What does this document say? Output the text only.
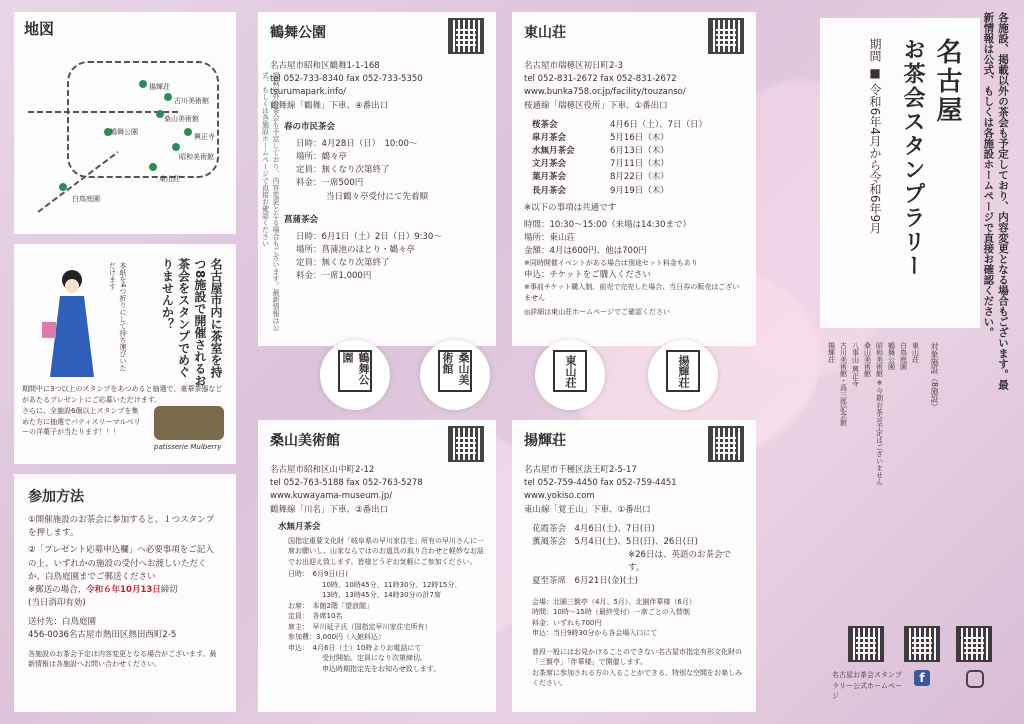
地図
揚輝荘
古川美術館
桑山美術館
興正寺
鶴舞公園
昭和美術館
東山荘
白鳥庭園
名古屋市内に茶室を持つ8施設で開催されるお茶会をスタンプでめぐりませんか？
本紙を4つ折りにして持ち運びいただけます
期間中に3つ以上のスタンプをあつめると抽選で、豪華茶器などがあたるプレゼントにご応募いただけます。
さらに、全施設6個以上スタンプを集めた方に抽選でパティスリーマルベリーの洋菓子が当たります！！！
patisserie Mulberry
参加方法
①開催施設のお茶会に参加すると、１つスタンプを押します。
②「プレゼント応募申込欄」へ必要事項をご記入の上、いずれかの施設の受付へお渡しいただくか、白鳥庭園までご郵送ください
※郵送の場合、令和６年10月13日締切
(当日消印有効)
送付先：白鳥庭園
456-0036名古屋市熱田区熱田西町2-5
各施設のお茶会予定は内容変更となる場合がございます。最新情報は各施設へお問い合わせください。
鶴舞公園
名古屋市昭和区鶴舞1-1-168
tel 052-733-8340 fax 052-733-5350
tsurumapark.info/
鶴舞線「鶴舞」下車、④番出口
掲載以外の茶会も予定しており、内容変更となる場合もございます。最新情報は公式、もしくは各施設ホームページで直接お確認ください	春の市民茶会
日時：4月28日（日）　10:00～
場所：鶴々亭
定員：無くなり次第終了
料金：一席500円
当日鶴々亭受付にて先着順
菖蒲茶会
日時：6月1日（土）2日（日）9:30～
場所：菖蒲池のほとり・鶴々亭
定員：無くなり次第終了
料金：一席1,000円
東山荘
名古屋市瑞穂区初日町2-3
tel 052-831-2672 fax 052-831-2672
www.bunka758.or.jp/facility/touzanso/
桜通線「瑞穂区役所」下車、①番出口
桜茶会	4月6日（土）、7日（日）
皐月茶会	5月16日（木）
水無月茶会	6月13日（木）
文月茶会	7月11日（木）
葉月茶会	8月22日（木）
長月茶会	9月19日（木）
※以下の事項は共通です
時間：10:30～15:00（来場は14:30まで）
場所：東山荘
金額：4月は600円、他は700円
※同時開催イベントがある場合は別途セット料金もあり
申込：チケットをご購入ください
※事前チケット購入制、前売で完売した場合、当日券の販売はございません
◎詳細は東山荘ホームページでご確認ください
鶴舞公園	桑山美術館	東山荘	揚輝荘
桑山美術館
名古屋市昭和区山中町2-12
tel 052-763-5188 fax 052-763-5278
www.kuwayama-museum.jp/
鶴舞線「川名」下車、②番出口
水無月茶会
国指定重要文化財「岐阜県の早川家住宅」所有の早川さんに一席お願いし、山家ならではのお道具の取り合わせと軽妙なお話でお出迎え致します。皆様どうぞお気軽にご参加ください。
日時：　6月9日(日)
10時、10時45分、11時30分、12時15分、
13時、13時45分、14時30分の計7席
お席：　本館2階「望浪閣」
定員：　各席10名
席主：　早川延子氏（国指定早川家住宅所有）
参加費：3,000円（入館料込）
申込：　4月6日（土）10時よりお電話にて
受付開始。定員になり次第締切。
申込時期指定先をお知らせ致します。
揚輝荘
名古屋市千種区法王町2-5-17
tel 052-759-4450 fax 052-759-4451
www.yokiso.com
東山線「覚王山」下車、①番出口
花霞茶会　4月6日(土)、7日(日)
薫風茶会　5月4日(土)、5日(日)、26日(日)
※26日は、英語のお茶会です。
夏至茶席　6月21日(金)(土)
会場：北園三賢亭（4月、5月）、北園伴華楼（6月）
時間：10時～15時（最終受付）一席ごとの入替制
料金：いずれも700円
申込：当日9時30分から各会場入口にて
普段一般にはお見かけることのできない名古屋市指定有形文化財の「三賢亭」「伴華楼」で開催します。
お茶席に参加される方の入ることができる、特別な空間をお楽しみください。
名古屋
お茶会スタンプラリー
期間 ■ 令和6年4月から令和6年9月	各施設、掲載以外の茶会も予定しており、内容変更となる場合もございます。最新情報は公式、もしくは各施設ホームページで直接お確認ください。
対象施設（8施設）
東山荘
白鳥庭園
鶴舞公園
昭和美術館 ※今期お茶会予定はございません
桑山美術館
八事山 興正寺
古川美術館・爲三郎記念館
揚輝荘
名古屋お茶会スタンプラリー公式ホームページ
f
